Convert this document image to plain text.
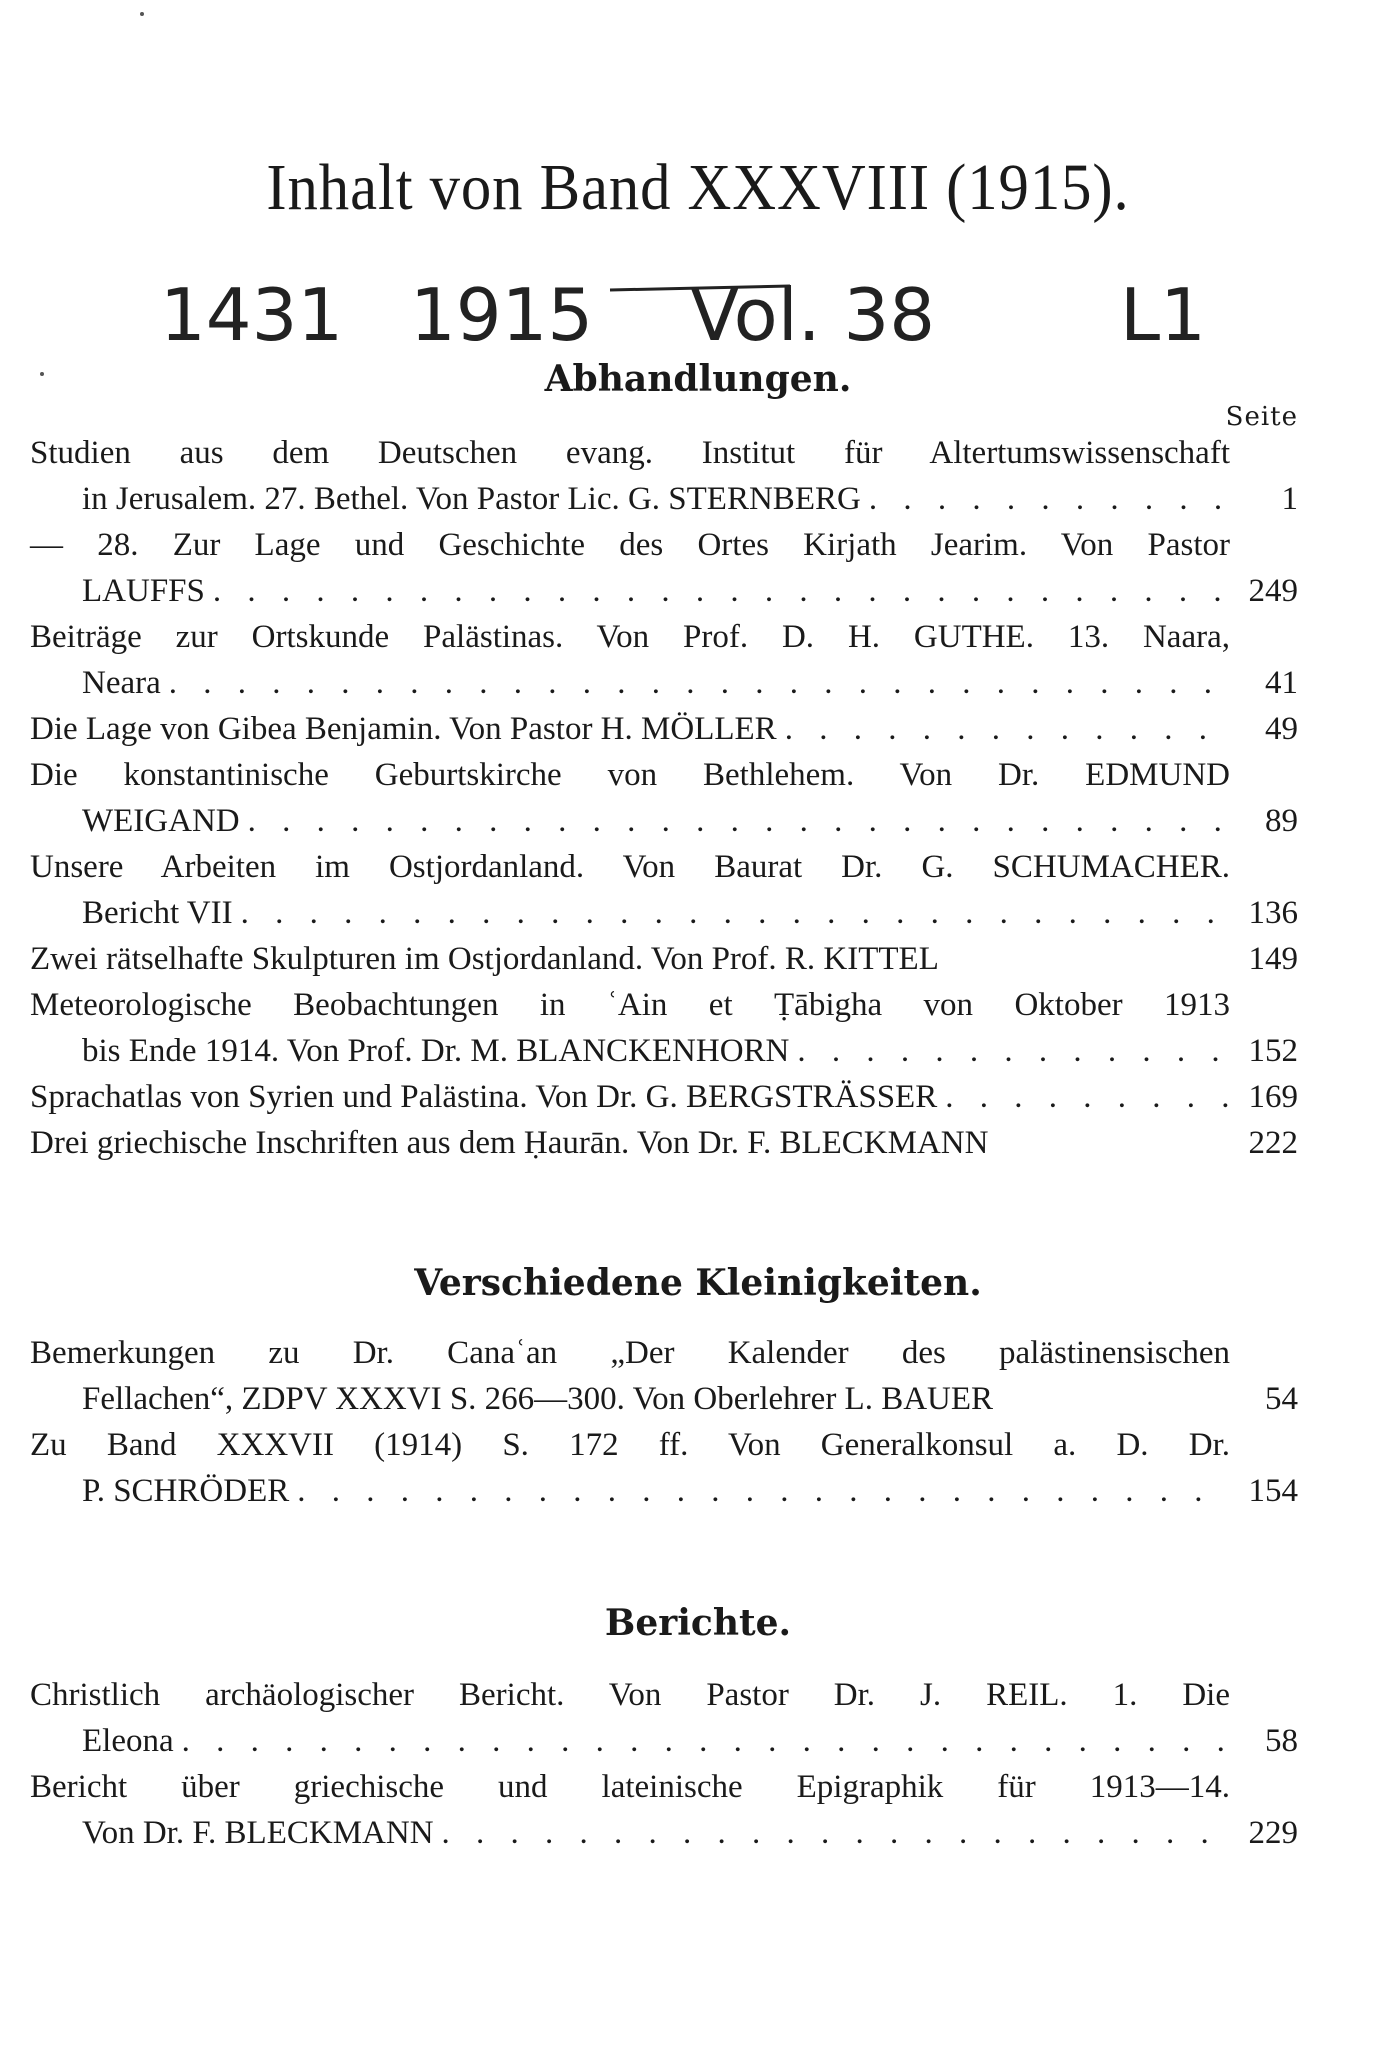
Inhalt von Band XXXVIII (1915).
1431 1915 Vol. 38	L1
Abhandlungen.
Seite
Studien aus dem Deutschen evang. Institut für Altertumswissenschaft
in Jerusalem. 27. Bethel. Von Pastor Lic. G. STERNBERG . . .	1
— 28. Zur Lage und Geschichte des Ortes Kirjath Jearim. Von Pastor
LAUFFS . . .	249
Beiträge zur Ortskunde Palästinas. Von Prof. D. H. GUTHE. 13. Naara,
Neara . . .	41
Die Lage von Gibea Benjamin. Von Pastor H. MÖLLER . . .	49
Die konstantinische Geburtskirche von Bethlehem. Von Dr. EDMUND
WEIGAND . . .	89
Unsere Arbeiten im Ostjordanland. Von Baurat Dr. G. SCHUMACHER.
Bericht VII . . .	136
Zwei rätselhafte Skulpturen im Ostjordanland. Von Prof. R. KITTEL	149
Meteorologische Beobachtungen in ʿAin et Ṭābigha von Oktober 1913
bis Ende 1914. Von Prof. Dr. M. BLANCKENHORN . . .	152
Sprachatlas von Syrien und Palästina. Von Dr. G. BERGSTRÄSSER . . .	169
Drei griechische Inschriften aus dem Ḥaurān. Von Dr. F. BLECKMANN	222
Verschiedene Kleinigkeiten.
Bemerkungen zu Dr. Canaʿan „Der Kalender des palästinensischen
Fellachen“, ZDPV XXXVI S. 266—300. Von Oberlehrer L. BAUER	54
Zu Band XXXVII (1914) S. 172 ff. Von Generalkonsul a. D. Dr.
P. SCHRÖDER . . .	154
Berichte.
Christlich archäologischer Bericht. Von Pastor Dr. J. REIL. 1. Die
Eleona . . .	58
Bericht über griechische und lateinische Epigraphik für 1913—14.
Von Dr. F. BLECKMANN . . .	229
